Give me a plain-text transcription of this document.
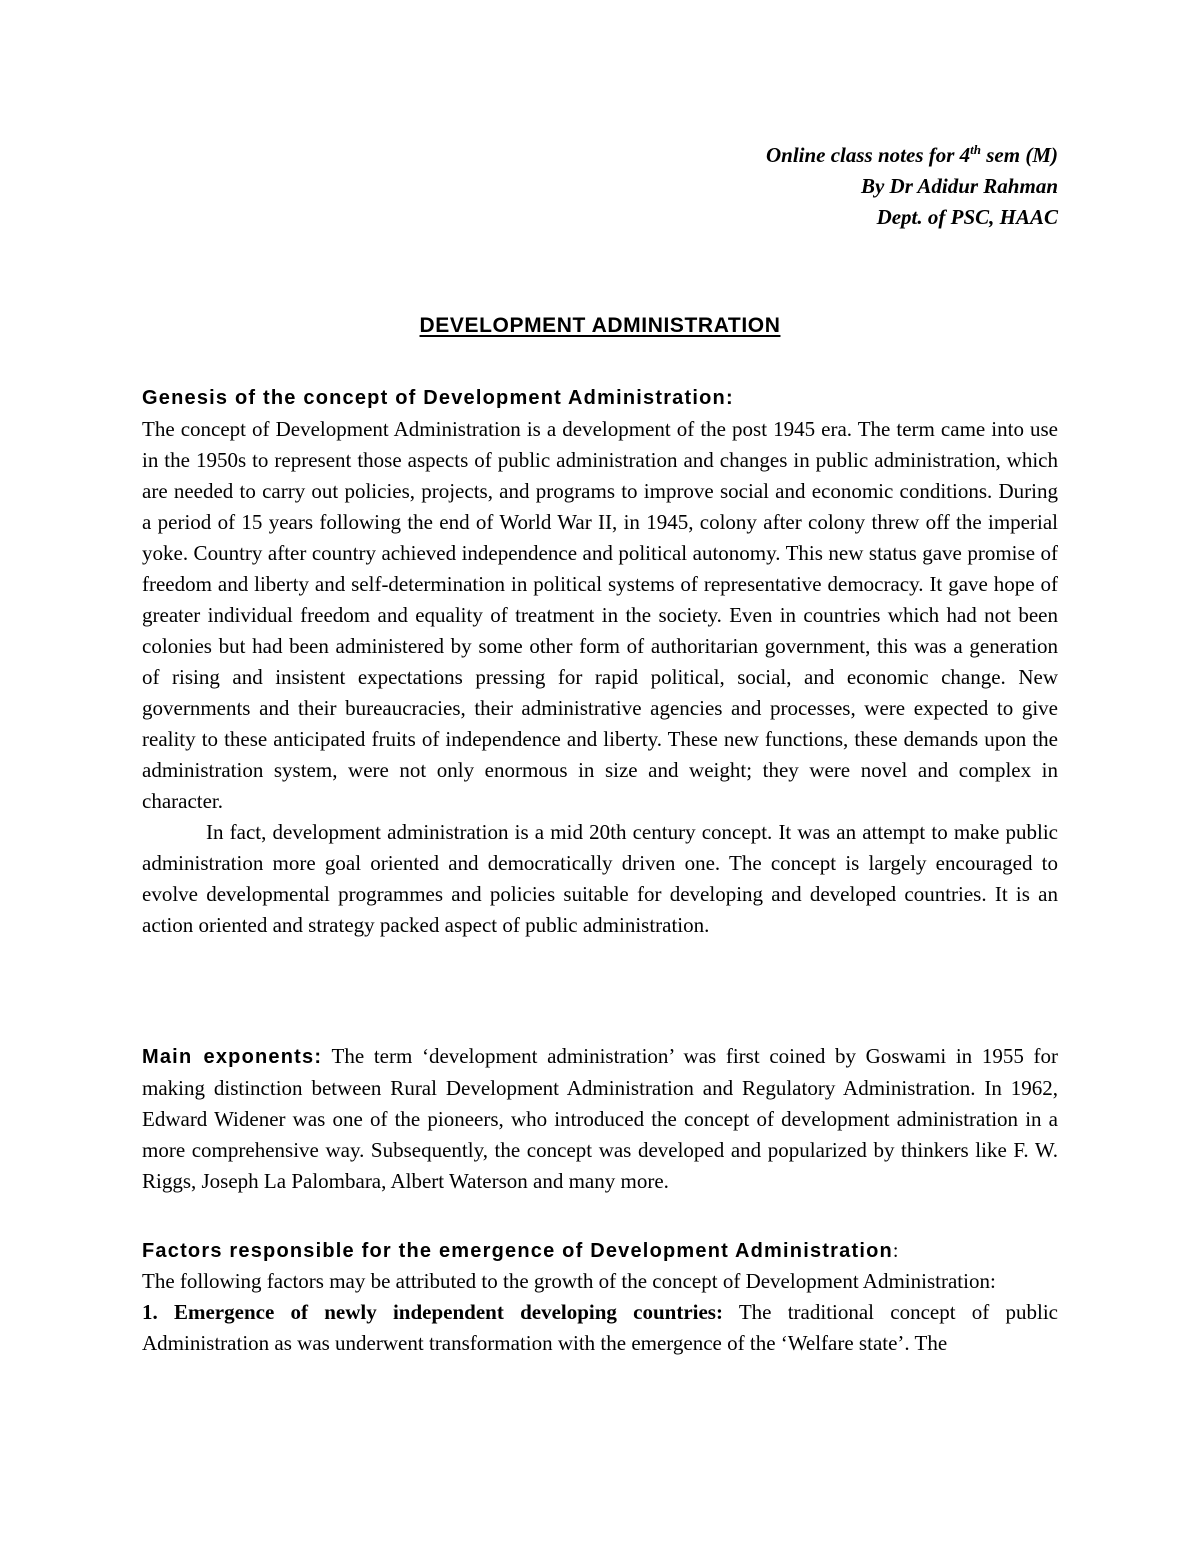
Online class notes for 4th sem (M)
By Dr Adidur Rahman
Dept. of PSC, HAAC
DEVELOPMENT ADMINISTRATION
Genesis of the concept of Development Administration:

The concept of Development Administration is a development of the post 1945 era. The term came into use in the 1950s to represent those aspects of public administration and changes in public administration, which are needed to carry out policies, projects, and programs to improve social and economic conditions. During a period of 15 years following the end of World War II, in 1945, colony after colony threw off the imperial yoke. Country after country achieved independence and political autonomy. This new status gave promise of freedom and liberty and self-determination in political systems of representative democracy. It gave hope of greater individual freedom and equality of treatment in the society. Even in countries which had not been colonies but had been administered by some other form of authoritarian government, this was a generation of rising and insistent expectations pressing for rapid political, social, and economic change. New governments and their bureaucracies, their administrative agencies and processes, were expected to give reality to these anticipated fruits of independence and liberty. These new functions, these demands upon the administration system, were not only enormous in size and weight; they were novel and complex in character.

In fact, development administration is a mid 20th century concept. It was an attempt to make public administration more goal oriented and democratically driven one. The concept is largely encouraged to evolve developmental programmes and policies suitable for developing and developed countries. It is an action oriented and strategy packed aspect of public administration.

Main exponents: The term ‘development administration’ was first coined by Goswami in 1955 for making distinction between Rural Development Administration and Regulatory Administration. In 1962, Edward Widener was one of the pioneers, who introduced the concept of development administration in a more comprehensive way. Subsequently, the concept was developed and popularized by thinkers like F. W. Riggs, Joseph La Palombara, Albert Waterson and many more.

Factors responsible for the emergence of Development Administration:

The following factors may be attributed to the growth of the concept of Development Administration:

1. Emergence of newly independent developing countries: The traditional concept of public Administration as was underwent transformation with the emergence of the ‘Welfare state’. The
